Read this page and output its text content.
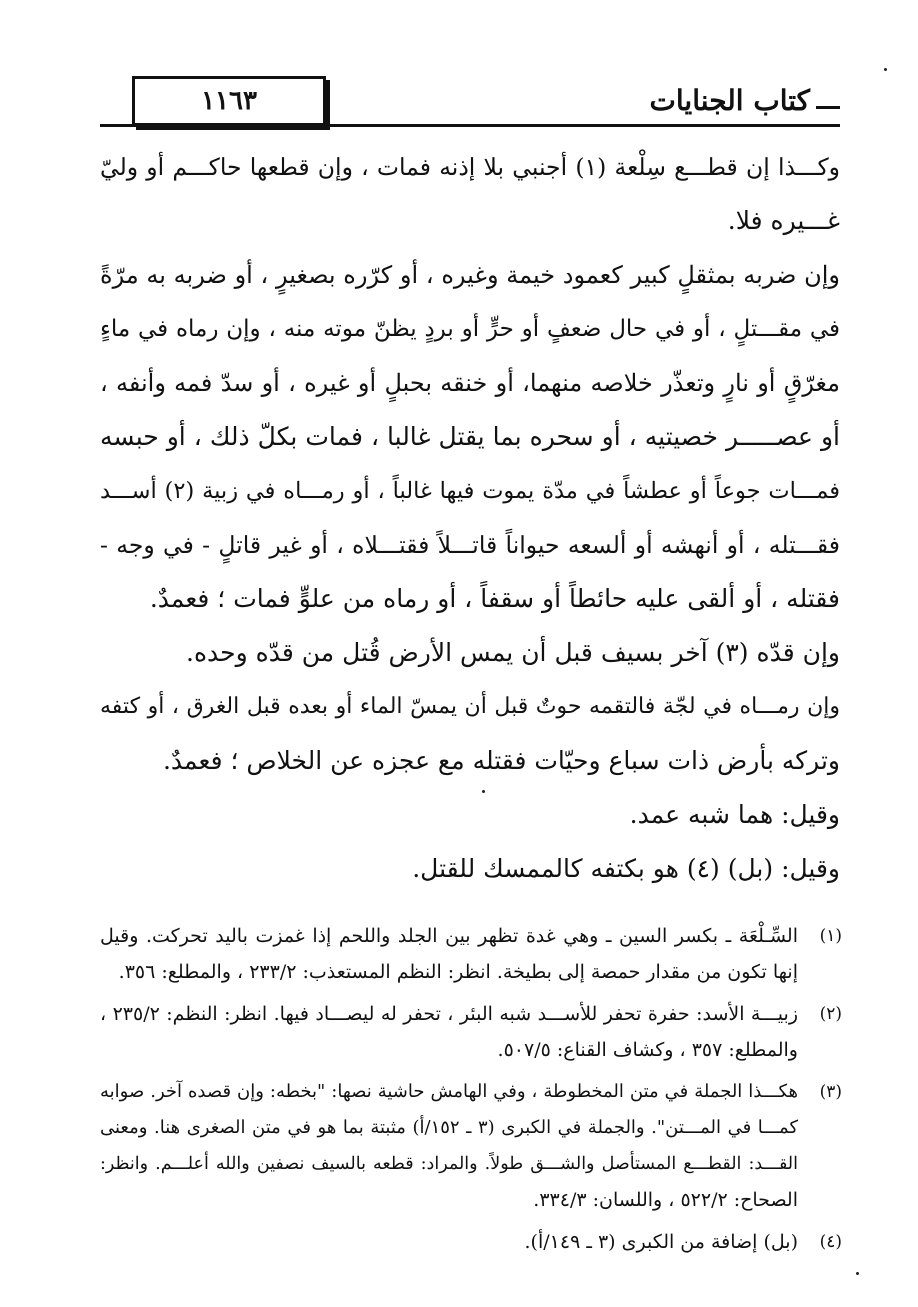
١١٦٣	كتاب الجنايات
وكـــذا إن قطـــع سِلْعة (١) أجنبي بلا إذنه فمات ، وإن قطعها حاكـــم أو وليّ
غـــيره فلا.
وإن ضربه بمثقلٍ كبير كعمود خيمة وغيره ، أو كرّره بصغيرٍ ، أو ضربه به مرّةً
في مقـــتلٍ ، أو في حال ضعفٍ أو حرٍّ أو بردٍ يظنّ موته منه ، وإن رماه في ماءٍ
مغرّقٍ أو نارٍ وتعذّر خلاصه منهما، أو خنقه بحبلٍ أو غيره ، أو سدّ فمه وأنفه ،
أو عصـــــر خصيتيه ، أو سحره بما يقتل غالبا ، فمات بكلّ ذلك ، أو حبسه
فمـــات جوعاً أو عطشاً في مدّة يموت فيها غالباً ، أو رمـــاه في زبية (٢) أســـد
فقـــتله ، أو أنهشه أو ألسعه حيواناً قاتـــلاً فقتـــلاه ، أو غير قاتلٍ - في وجه -
فقتله ، أو ألقى عليه حائطاً أو سقفاً ، أو رماه من علوٍّ فمات ؛ فعمدٌ.
وإن قدّه (٣) آخر بسيف قبل أن يمس الأرض قُتل من قدّه وحده.
وإن رمـــاه في لجّة فالتقمه حوتٌ قبل أن يمسّ الماء أو بعده قبل الغرق ، أو كتفه
وتركه بأرض ذات سباع وحيّات فقتله مع عجزه عن الخلاص ؛ فعمدٌ.
وقيل: هما شبه عمد.
وقيل: (بل) (٤) هو بكتفه كالممسك للقتل.
(١)
السِّـلْعَة ـ بكسر السين ـ وهي غدة تظهر بين الجلد واللحم إذا غمزت باليد تحركت. وقيل
إنها تكون من مقدار حمصة إلى بطيخة. انظر: النظم المستعذب: ٢٣٣/٢ ، والمطلع: ٣٥٦.
(٢)
زبيـــة الأسد: حفرة تحفر للأســـد شبه البئر ، تحفر له ليصـــاد فيها. انظر: النظم: ٢٣٥/٢ ،
والمطلع: ٣٥٧ ، وكشاف القناع: ٥٠٧/٥.
(٣)
هكـــذا الجملة في متن المخطوطة ، وفي الهامش حاشية نصها: "بخطه: وإن قصده آخر. صوابه
كمـــا في المـــتن". والجملة في الكبرى (٣ ـ ١٥٢/أ) مثبتة بما هو في متن الصغرى هنا. ومعنى
القـــد: القطـــع المستأصل والشـــق طولاً. والمراد: قطعه بالسيف نصفين والله أعلـــم. وانظر:
الصحاح: ٥٢٢/٢ ، واللسان: ٣٣٤/٣.
(٤)
(بل) إضافة من الكبرى (٣ ـ ١٤٩/أ).
